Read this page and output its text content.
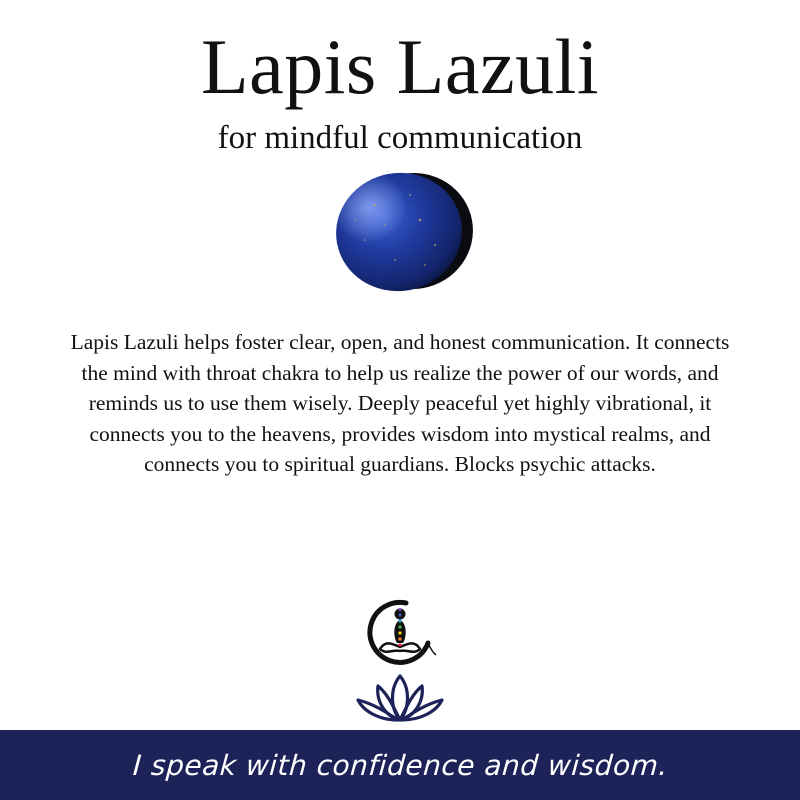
Lapis Lazuli
for mindful communication

Lapis Lazuli helps foster clear, open, and honest communication. It connects the mind with throat chakra to help us realize the power of our words, and reminds us to use them wisely. Deeply peaceful yet highly vibrational, it connects you to the heavens, provides wisdom into mystical realms, and connects you to spiritual guardians. Blocks psychic attacks.

I speak with confidence and wisdom.
